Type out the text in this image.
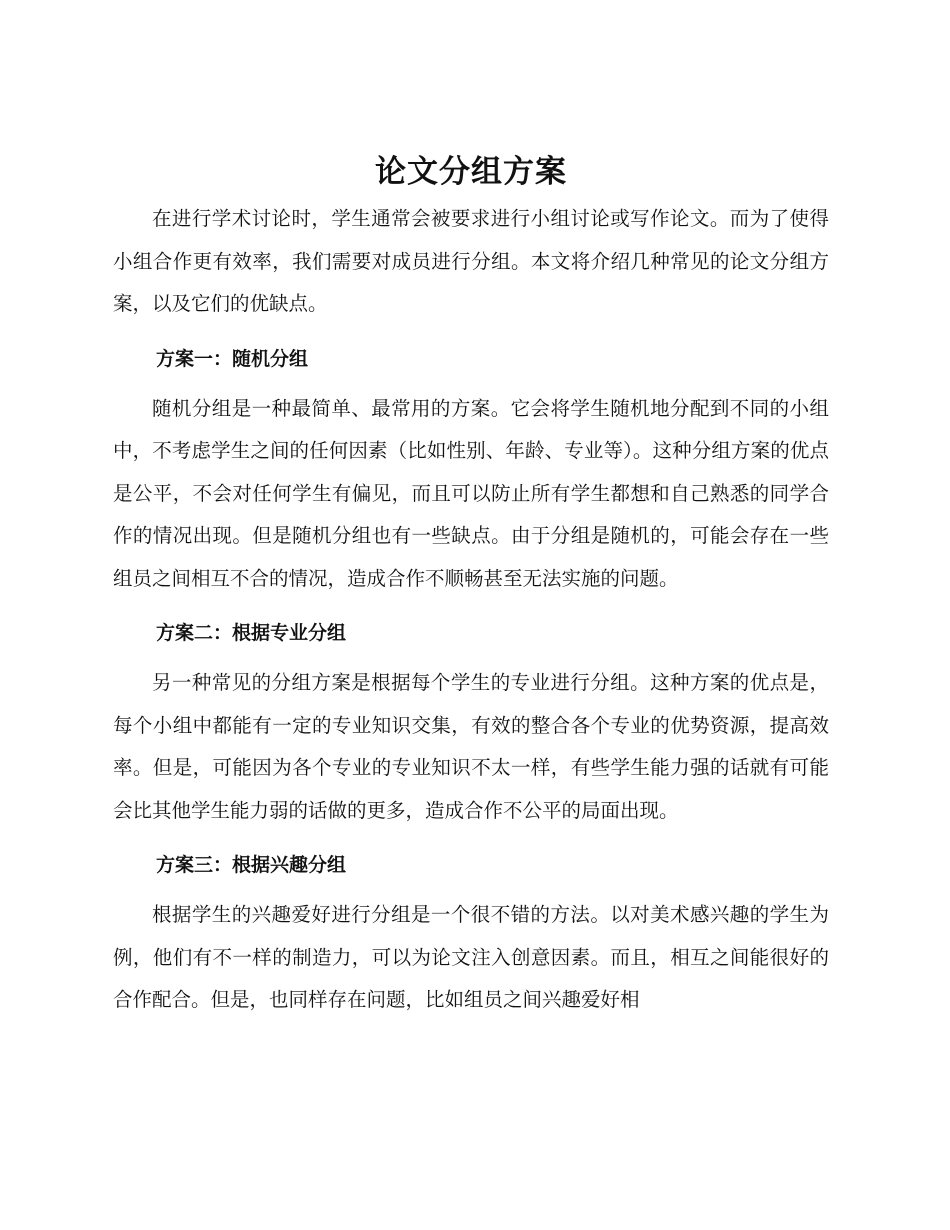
论文分组方案

在进行学术讨论时，学生通常会被要求进行小组讨论或写作论文。而为了使得小组合作更有效率，我们需要对成员进行分组。本文将介绍几种常见的论文分组方案，以及它们的优缺点。

方案一：随机分组

随机分组是一种最简单、最常用的方案。它会将学生随机地分配到不同的小组中，不考虑学生之间的任何因素（比如性别、年龄、专业等）。这种分组方案的优点是公平，不会对任何学生有偏见，而且可以防止所有学生都想和自己熟悉的同学合作的情况出现。但是随机分组也有一些缺点。由于分组是随机的，可能会存在一些组员之间相互不合的情况，造成合作不顺畅甚至无法实施的问题。

方案二：根据专业分组

另一种常见的分组方案是根据每个学生的专业进行分组。这种方案的优点是，每个小组中都能有一定的专业知识交集，有效的整合各个专业的优势资源，提高效率。但是，可能因为各个专业的专业知识不太一样，有些学生能力强的话就有可能会比其他学生能力弱的话做的更多，造成合作不公平的局面出现。

方案三：根据兴趣分组

根据学生的兴趣爱好进行分组是一个很不错的方法。以对美术感兴趣的学生为例，他们有不一样的制造力，可以为论文注入创意因素。而且，相互之间能很好的合作配合。但是，也同样存在问题，比如组员之间兴趣爱好相
